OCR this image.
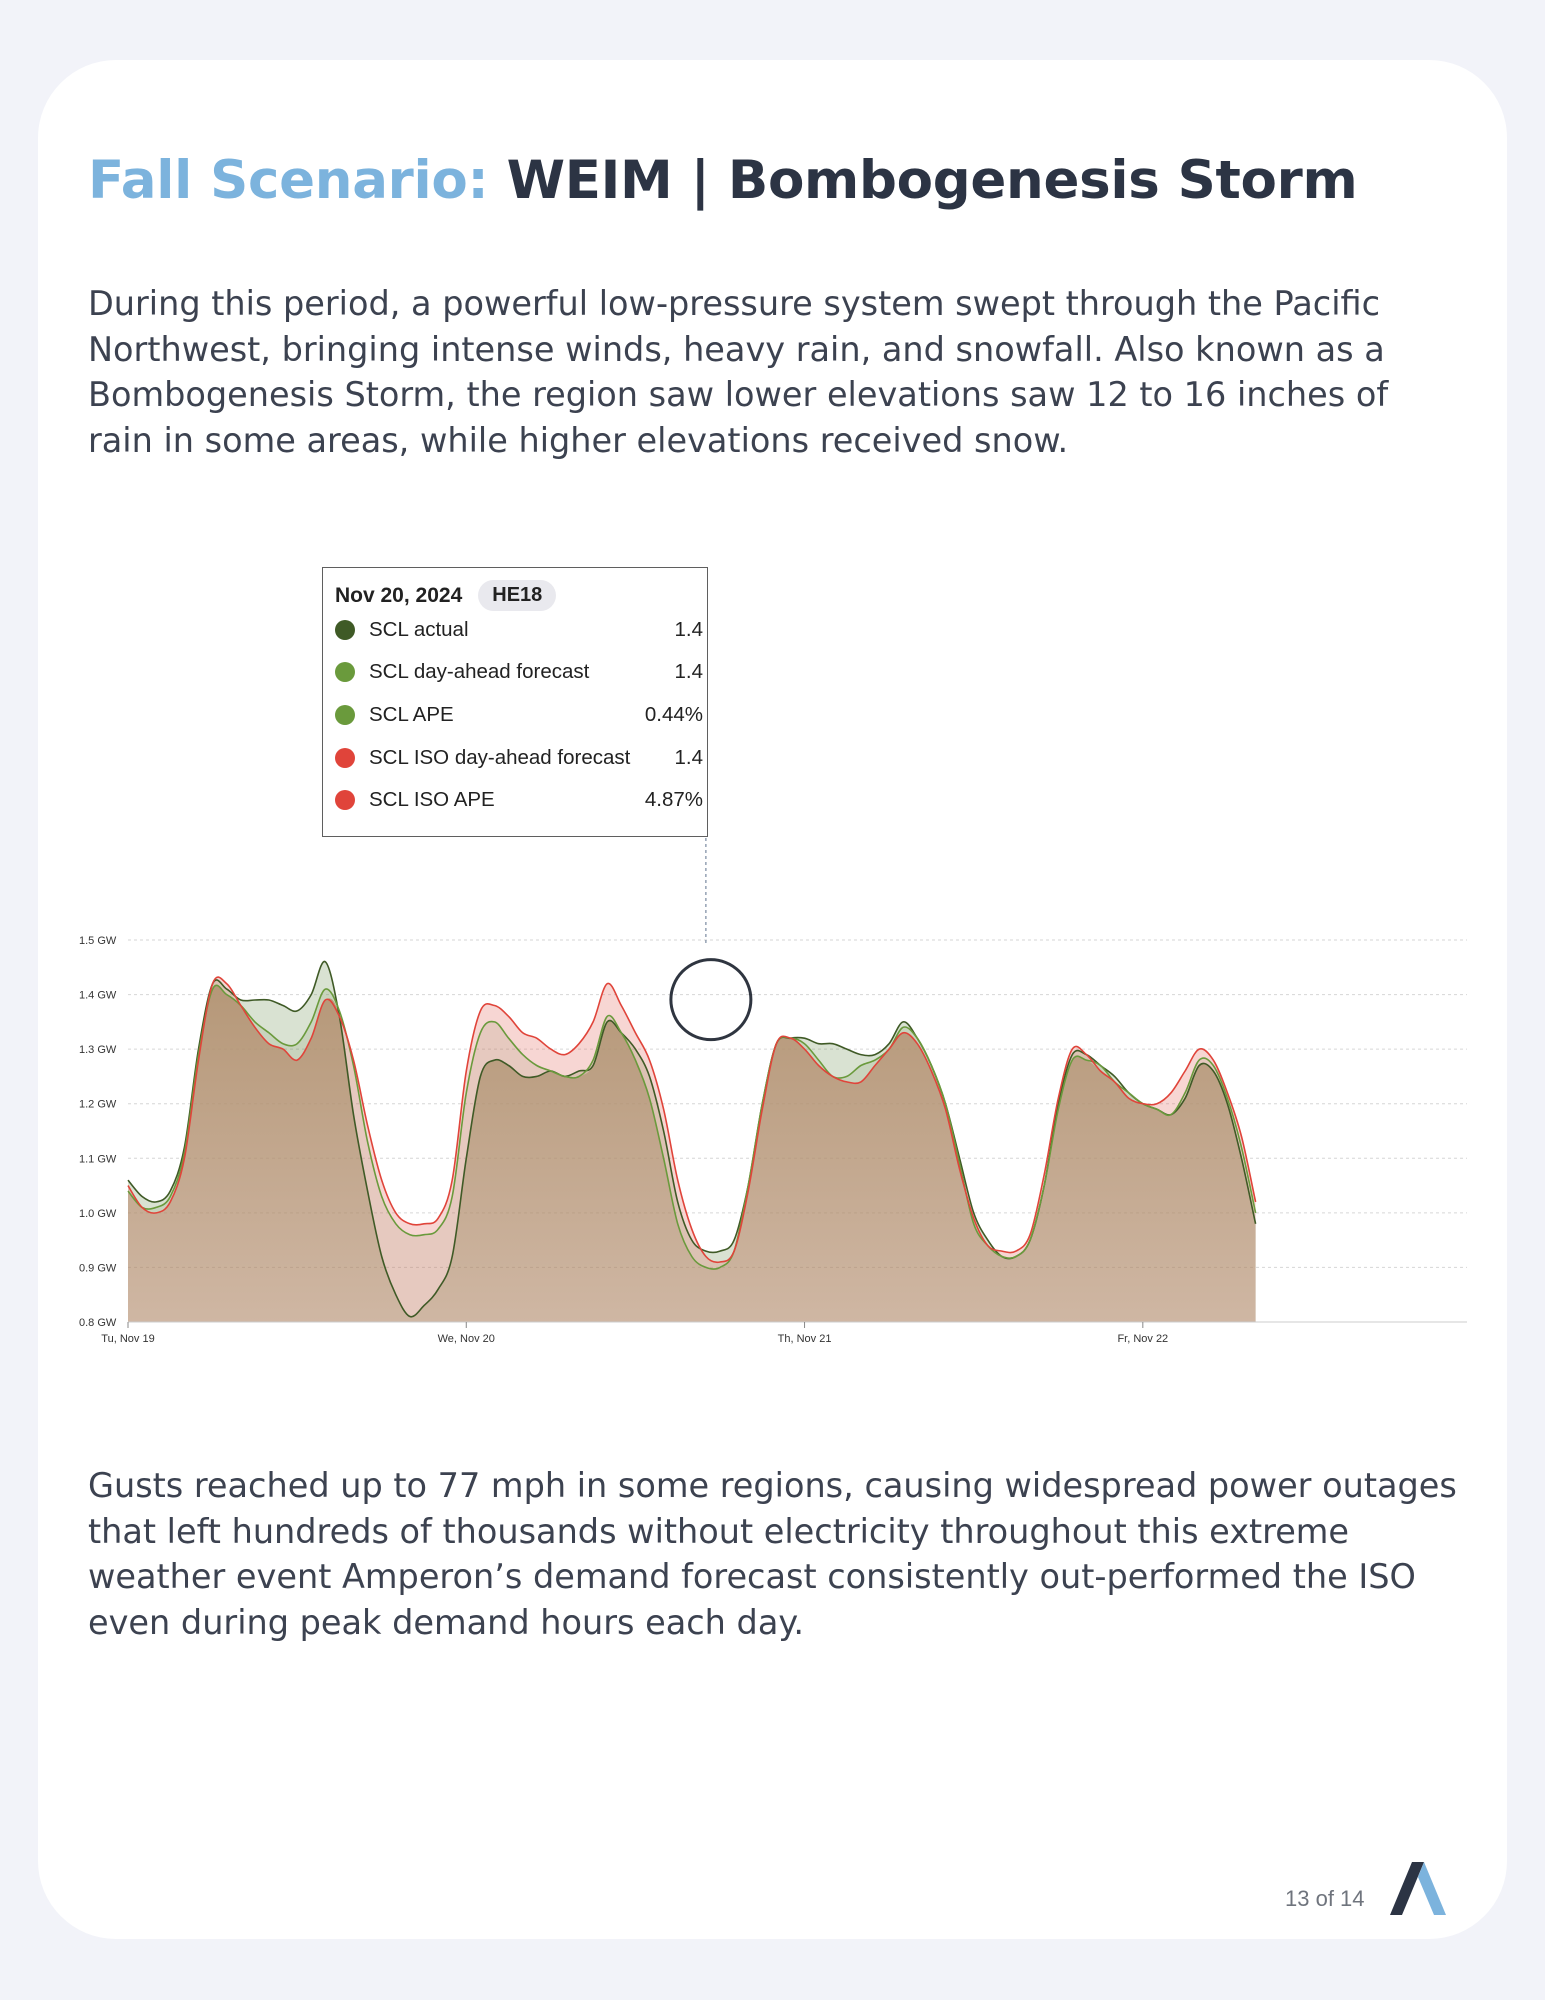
Fall Scenario: WEIM | Bombogenesis Storm

During this period, a powerful low-pressure system swept through the Pacific Northwest, bringing intense winds, heavy rain, and snowfall. Also known as a Bombogenesis Storm, the region saw lower elevations saw 12 to 16 inches of rain in some areas, while higher elevations received snow.

0.8 GW
0.9 GW
1.0 GW
1.1 GW
1.2 GW
1.3 GW
1.4 GW
1.5 GW
Tu, Nov 19	We, Nov 20	Th, Nov 21	Fr, Nov 22
Nov 20, 2024	HE18
SCL actual	1.4
SCL day-ahead forecast	1.4
SCL APE	0.44%
SCL ISO day-ahead forecast	1.4
SCL ISO APE	4.87%

Gusts reached up to 77 mph in some regions, causing widespread power outages that left hundreds of thousands without electricity throughout this extreme weather event Amperon’s demand forecast consistently out-performed the ISO even during peak demand hours each day.

13 of 14
